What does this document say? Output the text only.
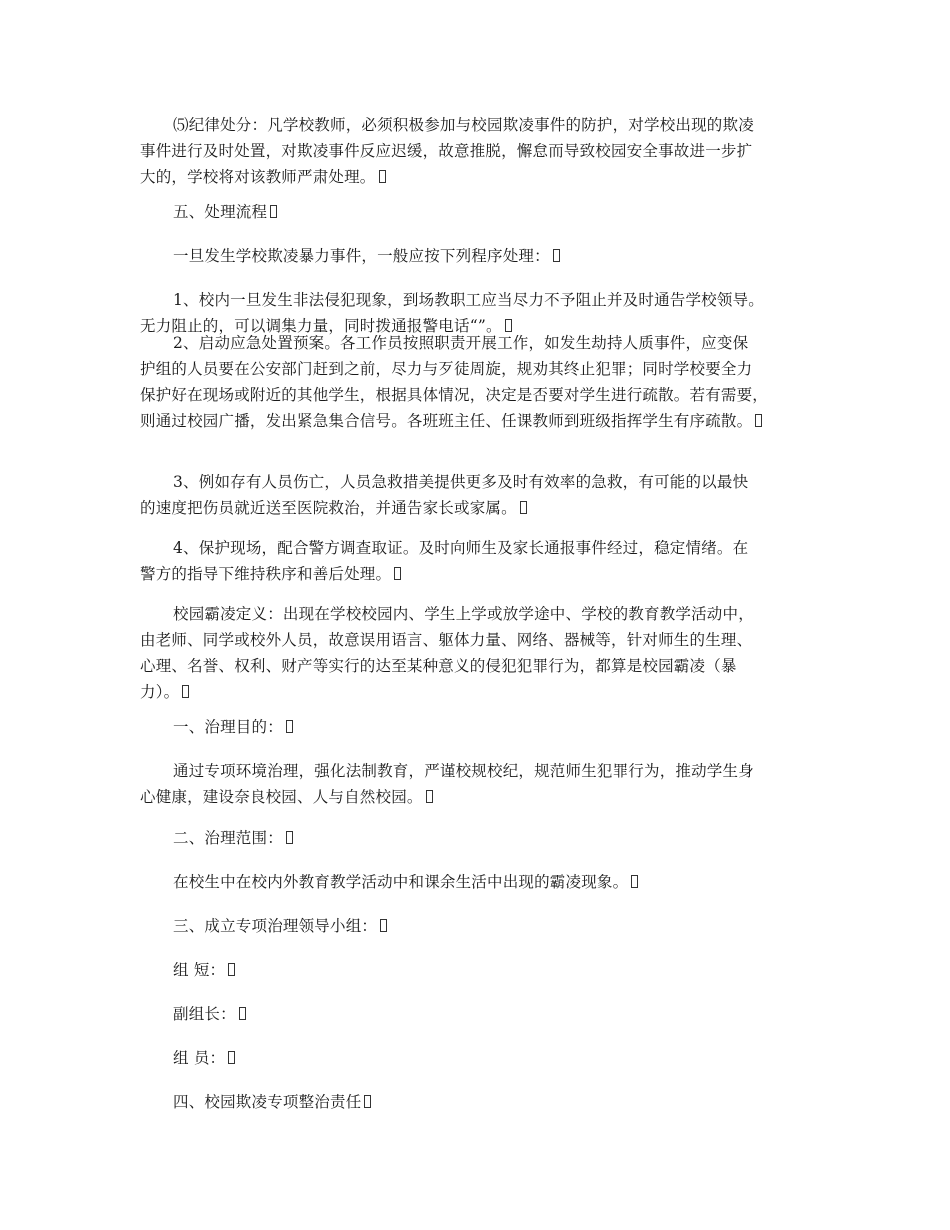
⑸纪律处分：凡学校教师，必须积极参加与校园欺凌事件的防护，对学校出现的欺凌
事件进行及时处置，对欺凌事件反应迟缓，故意推脱，懈怠而导致校园安全事故进一步扩
大的，学校将对该教师严肃处理。
五、处理流程
一旦发生学校欺凌暴力事件，一般应按下列程序处理：
1、校内一旦发生非法侵犯现象，到场教职工应当尽力不予阻止并及时通告学校领导。
无力阻止的，可以调集力量，同时拨通报警电话“”。
2、启动应急处置预案。各工作员按照职责开展工作，如发生劫持人质事件，应变保
护组的人员要在公安部门赶到之前，尽力与歹徒周旋，规劝其终止犯罪；同时学校要全力
保护好在现场或附近的其他学生，根据具体情况，决定是否要对学生进行疏散。若有需要，
则通过校园广播，发出紧急集合信号。各班班主任、任课教师到班级指挥学生有序疏散。
3、例如存有人员伤亡，人员急救措美提供更多及时有效率的急救，有可能的以最快
的速度把伤员就近送至医院救治，并通告家长或家属。
4、保护现场，配合警方调查取证。及时向师生及家长通报事件经过，稳定情绪。在
警方的指导下维持秩序和善后处理。
校园霸凌定义：出现在学校校园内、学生上学或放学途中、学校的教育教学活动中，
由老师、同学或校外人员，故意误用语言、躯体力量、网络、器械等，针对师生的生理、
心理、名誉、权利、财产等实行的达至某种意义的侵犯犯罪行为，都算是校园霸凌（暴
力）。
一、治理目的：
通过专项环境治理，强化法制教育，严谨校规校纪，规范师生犯罪行为，推动学生身
心健康，建设奈良校园、人与自然校园。
二、治理范围：
在校生中在校内外教育教学活动中和课余生活中出现的霸凌现象。
三、成立专项治理领导小组：
组 短：
副组长：
组 员：
四、校园欺凌专项整治责任
